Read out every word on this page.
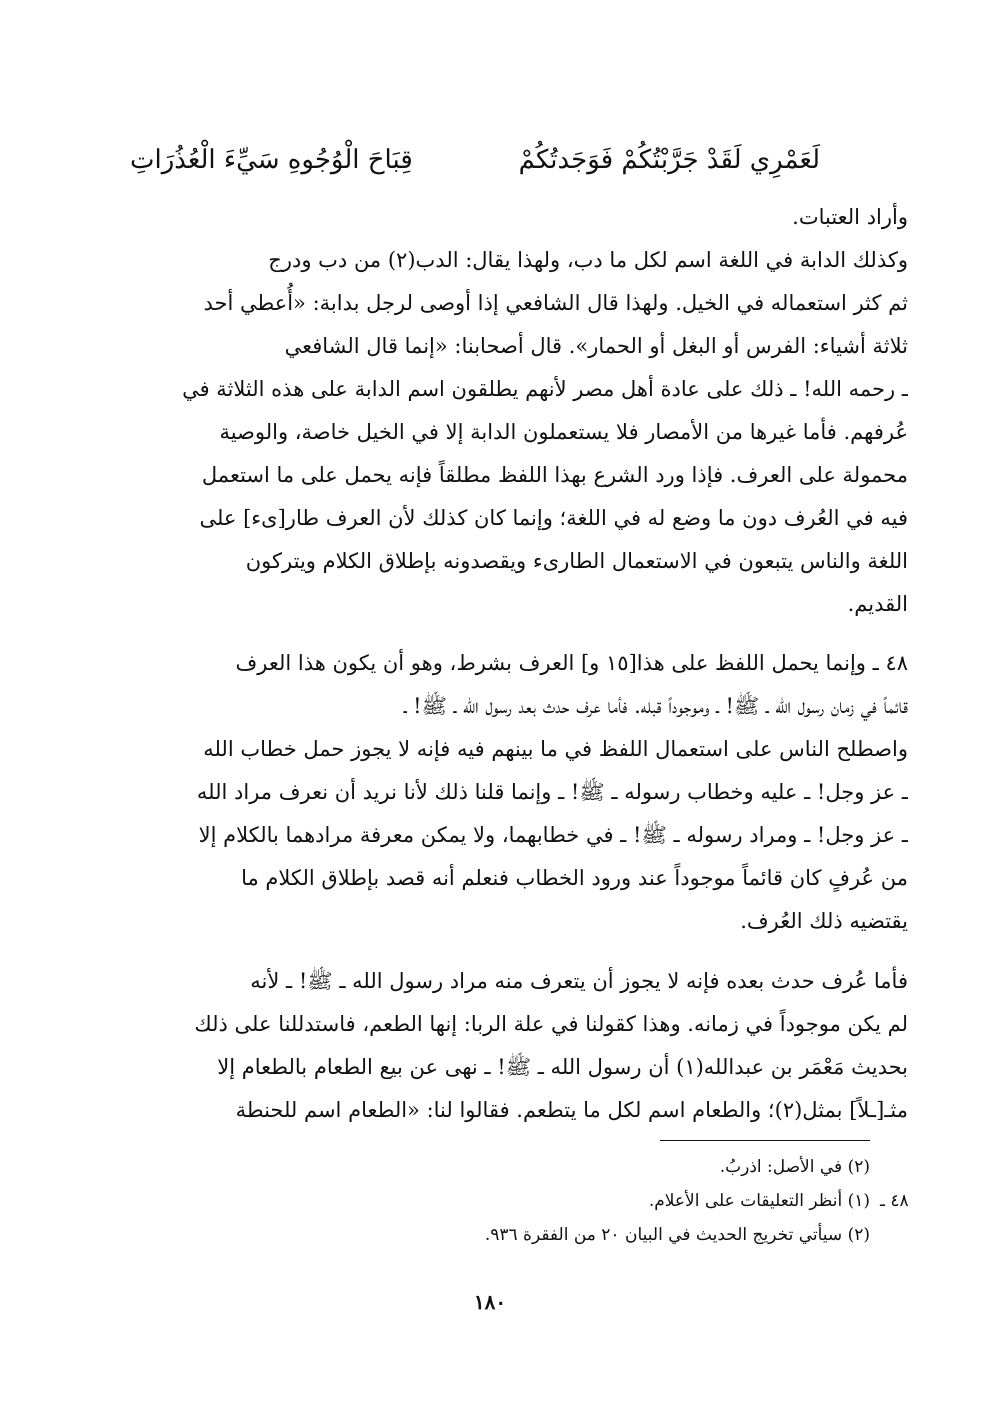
لَعَمْرِي لَقَدْ جَرَّبْتُكُمْ فَوَجَدتُكُمْ
قِبَاحَ الْوُجُوهِ سَيِّءَ الْعُذُرَاتِ
وأراد العتبات.
وكذلك الدابة في اللغة اسم لكل ما دب، ولهذا يقال: الدب(٢) من دب ودرج
ثم كثر استعماله في الخيل. ولهذا قال الشافعي إذا أوصى لرجل بدابة: «أُعطي أحد
ثلاثة أشياء: الفرس أو البغل أو الحمار». قال أصحابنا: «إنما قال الشافعي
ـ رحمه الله! ـ ذلك على عادة أهل مصر لأنهم يطلقون اسم الدابة على هذه الثلاثة في
عُرفهم. فأما غيرها من الأمصار فلا يستعملون الدابة إلا في الخيل خاصة، والوصية
محمولة على العرف. فإذا ورد الشرع بهذا اللفظ مطلقاً فإنه يحمل على ما استعمل
فيه في العُرف دون ما وضع له في اللغة؛ وإنما كان كذلك لأن العرف طار[ىء] على
اللغة والناس يتبعون في الاستعمال الطارىء ويقصدونه بإطلاق الكلام ويتركون
القديم.
٤٨ ـ وإنما يحمل اللفظ على هذا[١٥ و] العرف بشرط، وهو أن يكون هذا العرف
قائماً في زمان رسول الله ـ ﷺ! ـ وموجوداً قبله. فأما عرف حدث بعد رسول الله ـ ﷺ! ـ
واصطلح الناس على استعمال اللفظ في ما بينهم فيه فإنه لا يجوز حمل خطاب الله
ـ عز وجل! ـ عليه وخطاب رسوله ـ ﷺ! ـ وإنما قلنا ذلك لأنا نريد أن نعرف مراد الله
ـ عز وجل! ـ ومراد رسوله ـ ﷺ! ـ في خطابهما، ولا يمكن معرفة مرادهما بالكلام إلا
من عُرفٍ كان قائماً موجوداً عند ورود الخطاب فنعلم أنه قصد بإطلاق الكلام ما
يقتضيه ذلك العُرف.
فأما عُرف حدث بعده فإنه لا يجوز أن يتعرف منه مراد رسول الله ـ ﷺ! ـ لأنه
لم يكن موجوداً في زمانه. وهذا كقولنا في علة الربا: إنها الطعم، فاستدللنا على ذلك
بحديث مَعْمَر بن عبدالله(١) أن رسول الله ـ ﷺ! ـ نهى عن بيع الطعام بالطعام إلا
مثـ[ـلاً] بمثل(٢)؛ والطعام اسم لكل ما يتطعم. فقالوا لنا: «الطعام اسم للحنطة
(٢) في الأصل: اذربُ.
(١) أنظر التعليقات على الأعلام.
(٢) سيأتي تخريج الحديث في البيان ٢٠ من الفقرة ٩٣٦.
٤٨ ـ
١٨٠
